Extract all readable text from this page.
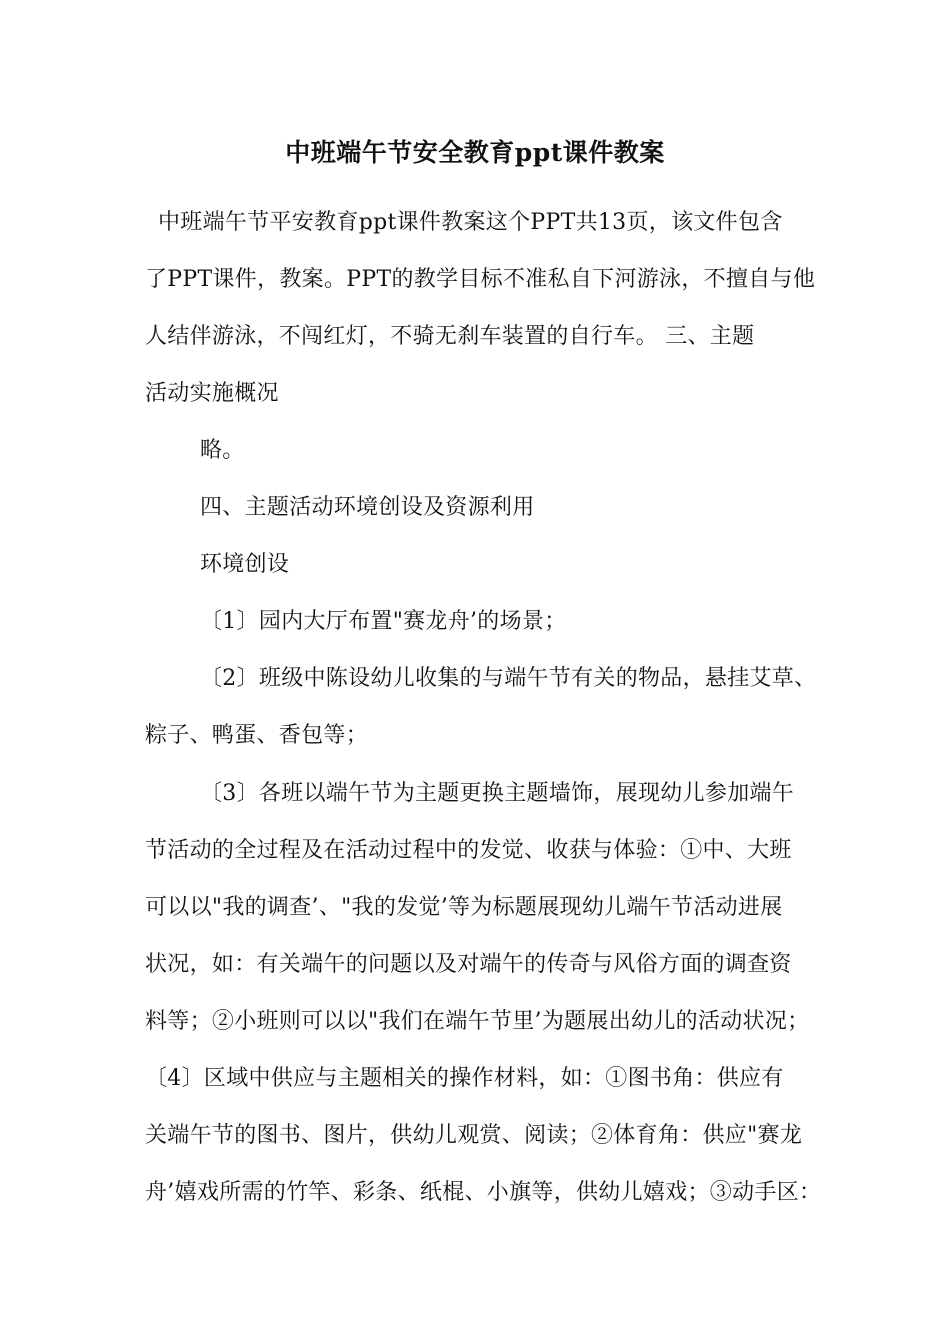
中班端午节安全教育ppt课件教案
中班端午节平安教育ppt课件教案这个PPT共13页，该文件包含
了PPT课件，教案。PPT的教学目标不准私自下河游泳，不擅自与他
人结伴游泳，不闯红灯，不骑无刹车装置的自行车。 三、主题
活动实施概况
略。
四、主题活动环境创设及资源利用
环境创设
〔1〕园内大厅布置"赛龙舟’的场景；
〔2〕班级中陈设幼儿收集的与端午节有关的物品，悬挂艾草、
粽子、鸭蛋、香包等；
〔3〕各班以端午节为主题更换主题墙饰，展现幼儿参加端午
节活动的全过程及在活动过程中的发觉、收获与体验：①中、大班
可以以"我的调查’、"我的发觉’等为标题展现幼儿端午节活动进展
状况，如：有关端午的问题以及对端午的传奇与风俗方面的调查资
料等；②小班则可以以"我们在端午节里’为题展出幼儿的活动状况；
〔4〕区域中供应与主题相关的操作材料，如：①图书角：供应有
关端午节的图书、图片，供幼儿观赏、阅读；②体育角：供应"赛龙
舟’嬉戏所需的竹竿、彩条、纸棍、小旗等，供幼儿嬉戏；③动手区：
